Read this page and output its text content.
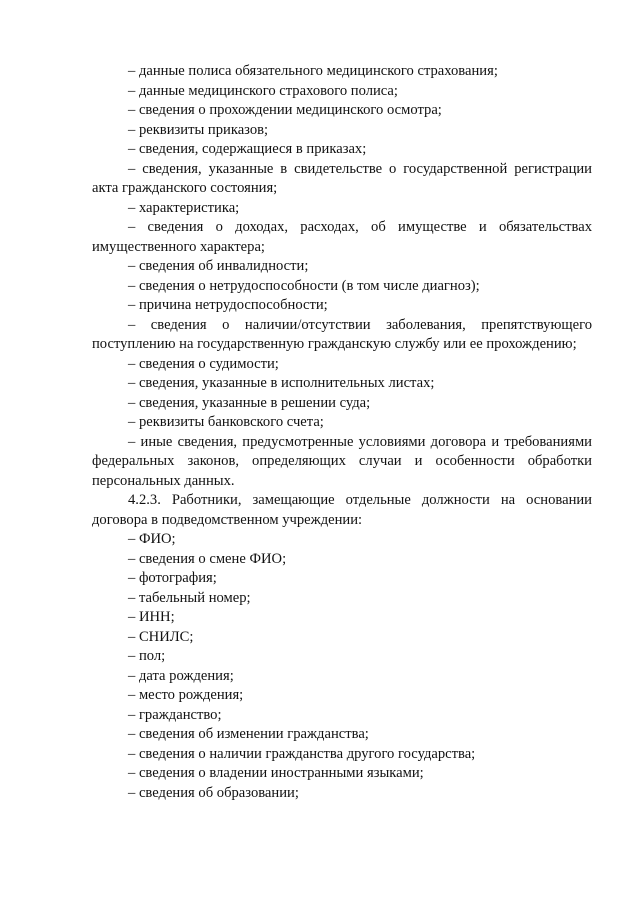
– данные полиса обязательного медицинского страхования;

– данные медицинского страхового полиса;

– сведения о прохождении медицинского осмотра;

– реквизиты приказов;

– сведения, содержащиеся в приказах;

– сведения, указанные в свидетельстве о государственной регистрации акта гражданского состояния;

– характеристика;

– сведения о доходах, расходах, об имуществе и обязательствах имущественного характера;

– сведения об инвалидности;

– сведения о нетрудоспособности (в том числе диагноз);

– причина нетрудоспособности;

– сведения о наличии/отсутствии заболевания, препятствующего поступлению на государственную гражданскую службу или ее прохождению;

– сведения о судимости;

– сведения, указанные в исполнительных листах;

– сведения, указанные в решении суда;

– реквизиты банковского счета;

– иные сведения, предусмотренные условиями договора и требованиями федеральных законов, определяющих случаи и особенности обработки персональных данных.

4.2.3. Работники, замещающие отдельные должности на основании договора в подведомственном учреждении:

– ФИО;

– сведения о смене ФИО;

– фотография;

– табельный номер;

– ИНН;

– СНИЛС;

– пол;

– дата рождения;

– место рождения;

– гражданство;

– сведения об изменении гражданства;

– сведения о наличии гражданства другого государства;

– сведения о владении иностранными языками;

– сведения об образовании;
